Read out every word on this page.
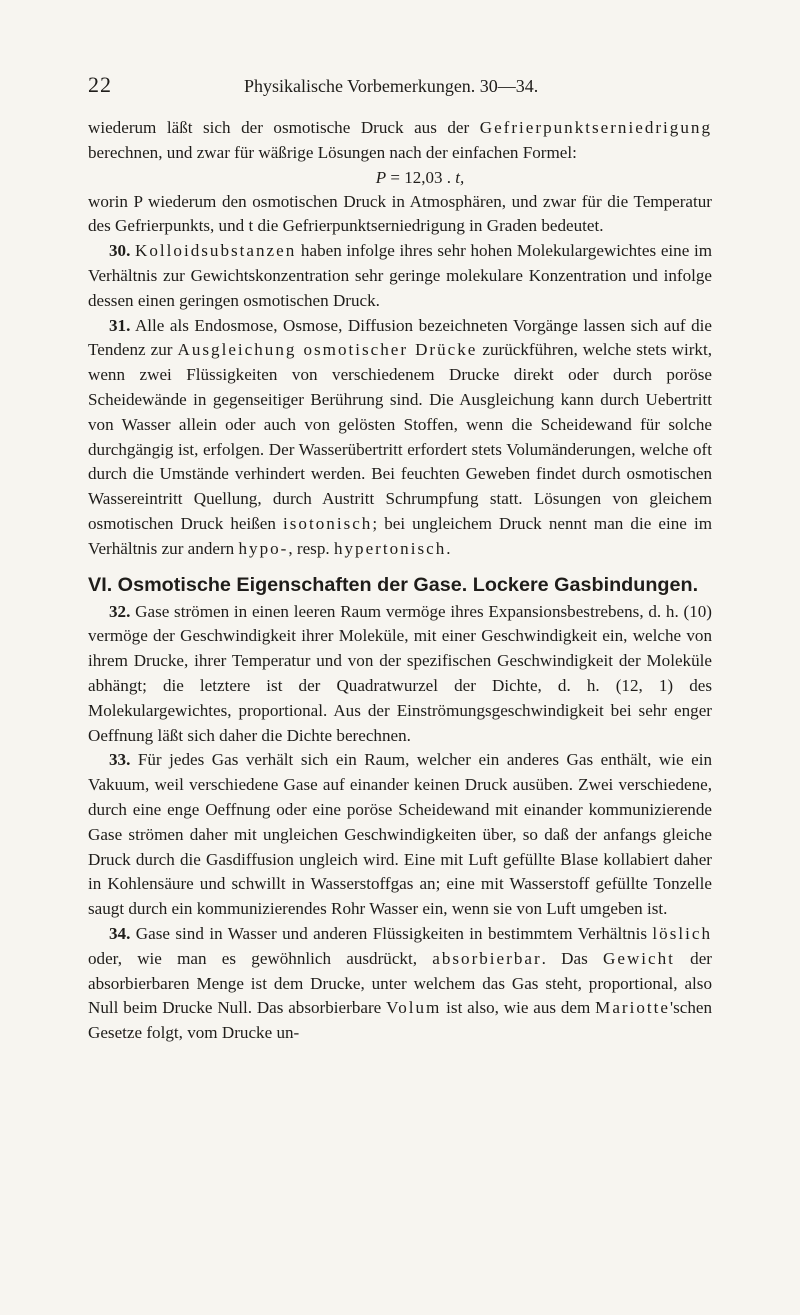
22	Physikalische Vorbemerkungen. 30—34.

wiederum läßt sich der osmotische Druck aus der Gefrierpunktserniedrigung berechnen, und zwar für wäßrige Lösungen nach der einfachen Formel:

P = 12,03 . t,

worin P wiederum den osmotischen Druck in Atmosphären, und zwar für die Temperatur des Gefrierpunkts, und t die Gefrierpunktserniedrigung in Graden bedeutet.

30. Kolloidsubstanzen haben infolge ihres sehr hohen Molekulargewichtes eine im Verhältnis zur Gewichtskonzentration sehr geringe molekulare Konzentration und infolge dessen einen geringen osmotischen Druck.

31. Alle als Endosmose, Osmose, Diffusion bezeichneten Vorgänge lassen sich auf die Tendenz zur Ausgleichung osmotischer Drücke zurückführen, welche stets wirkt, wenn zwei Flüssigkeiten von verschiedenem Drucke direkt oder durch poröse Scheidewände in gegenseitiger Berührung sind. Die Ausgleichung kann durch Uebertritt von Wasser allein oder auch von gelösten Stoffen, wenn die Scheidewand für solche durchgängig ist, erfolgen. Der Wasserübertritt erfordert stets Volumänderungen, welche oft durch die Umstände verhindert werden. Bei feuchten Geweben findet durch osmotischen Wassereintritt Quellung, durch Austritt Schrumpfung statt. Lösungen von gleichem osmotischen Druck heißen isotonisch; bei ungleichem Druck nennt man die eine im Verhältnis zur andern hypo-, resp. hypertonisch.

VI. Osmotische Eigenschaften der Gase. Lockere Gasbindungen.

32. Gase strömen in einen leeren Raum vermöge ihres Expansionsbestrebens, d. h. (10) vermöge der Geschwindigkeit ihrer Moleküle, mit einer Geschwindigkeit ein, welche von ihrem Drucke, ihrer Temperatur und von der spezifischen Geschwindigkeit der Moleküle abhängt; die letztere ist der Quadratwurzel der Dichte, d. h. (12, 1) des Molekulargewichtes, proportional. Aus der Einströmungsgeschwindigkeit bei sehr enger Oeffnung läßt sich daher die Dichte berechnen.

33. Für jedes Gas verhält sich ein Raum, welcher ein anderes Gas enthält, wie ein Vakuum, weil verschiedene Gase auf einander keinen Druck ausüben. Zwei verschiedene, durch eine enge Oeffnung oder eine poröse Scheidewand mit einander kommunizierende Gase strömen daher mit ungleichen Geschwindigkeiten über, so daß der anfangs gleiche Druck durch die Gasdiffusion ungleich wird. Eine mit Luft gefüllte Blase kollabiert daher in Kohlensäure und schwillt in Wasserstoffgas an; eine mit Wasserstoff gefüllte Tonzelle saugt durch ein kommunizierendes Rohr Wasser ein, wenn sie von Luft umgeben ist.

34. Gase sind in Wasser und anderen Flüssigkeiten in bestimmtem Verhältnis löslich oder, wie man es gewöhnlich ausdrückt, absorbierbar. Das Gewicht der absorbierbaren Menge ist dem Drucke, unter welchem das Gas steht, proportional, also Null beim Drucke Null. Das absorbierbare Volum ist also, wie aus dem Mariotte'schen Gesetze folgt, vom Drucke un-
